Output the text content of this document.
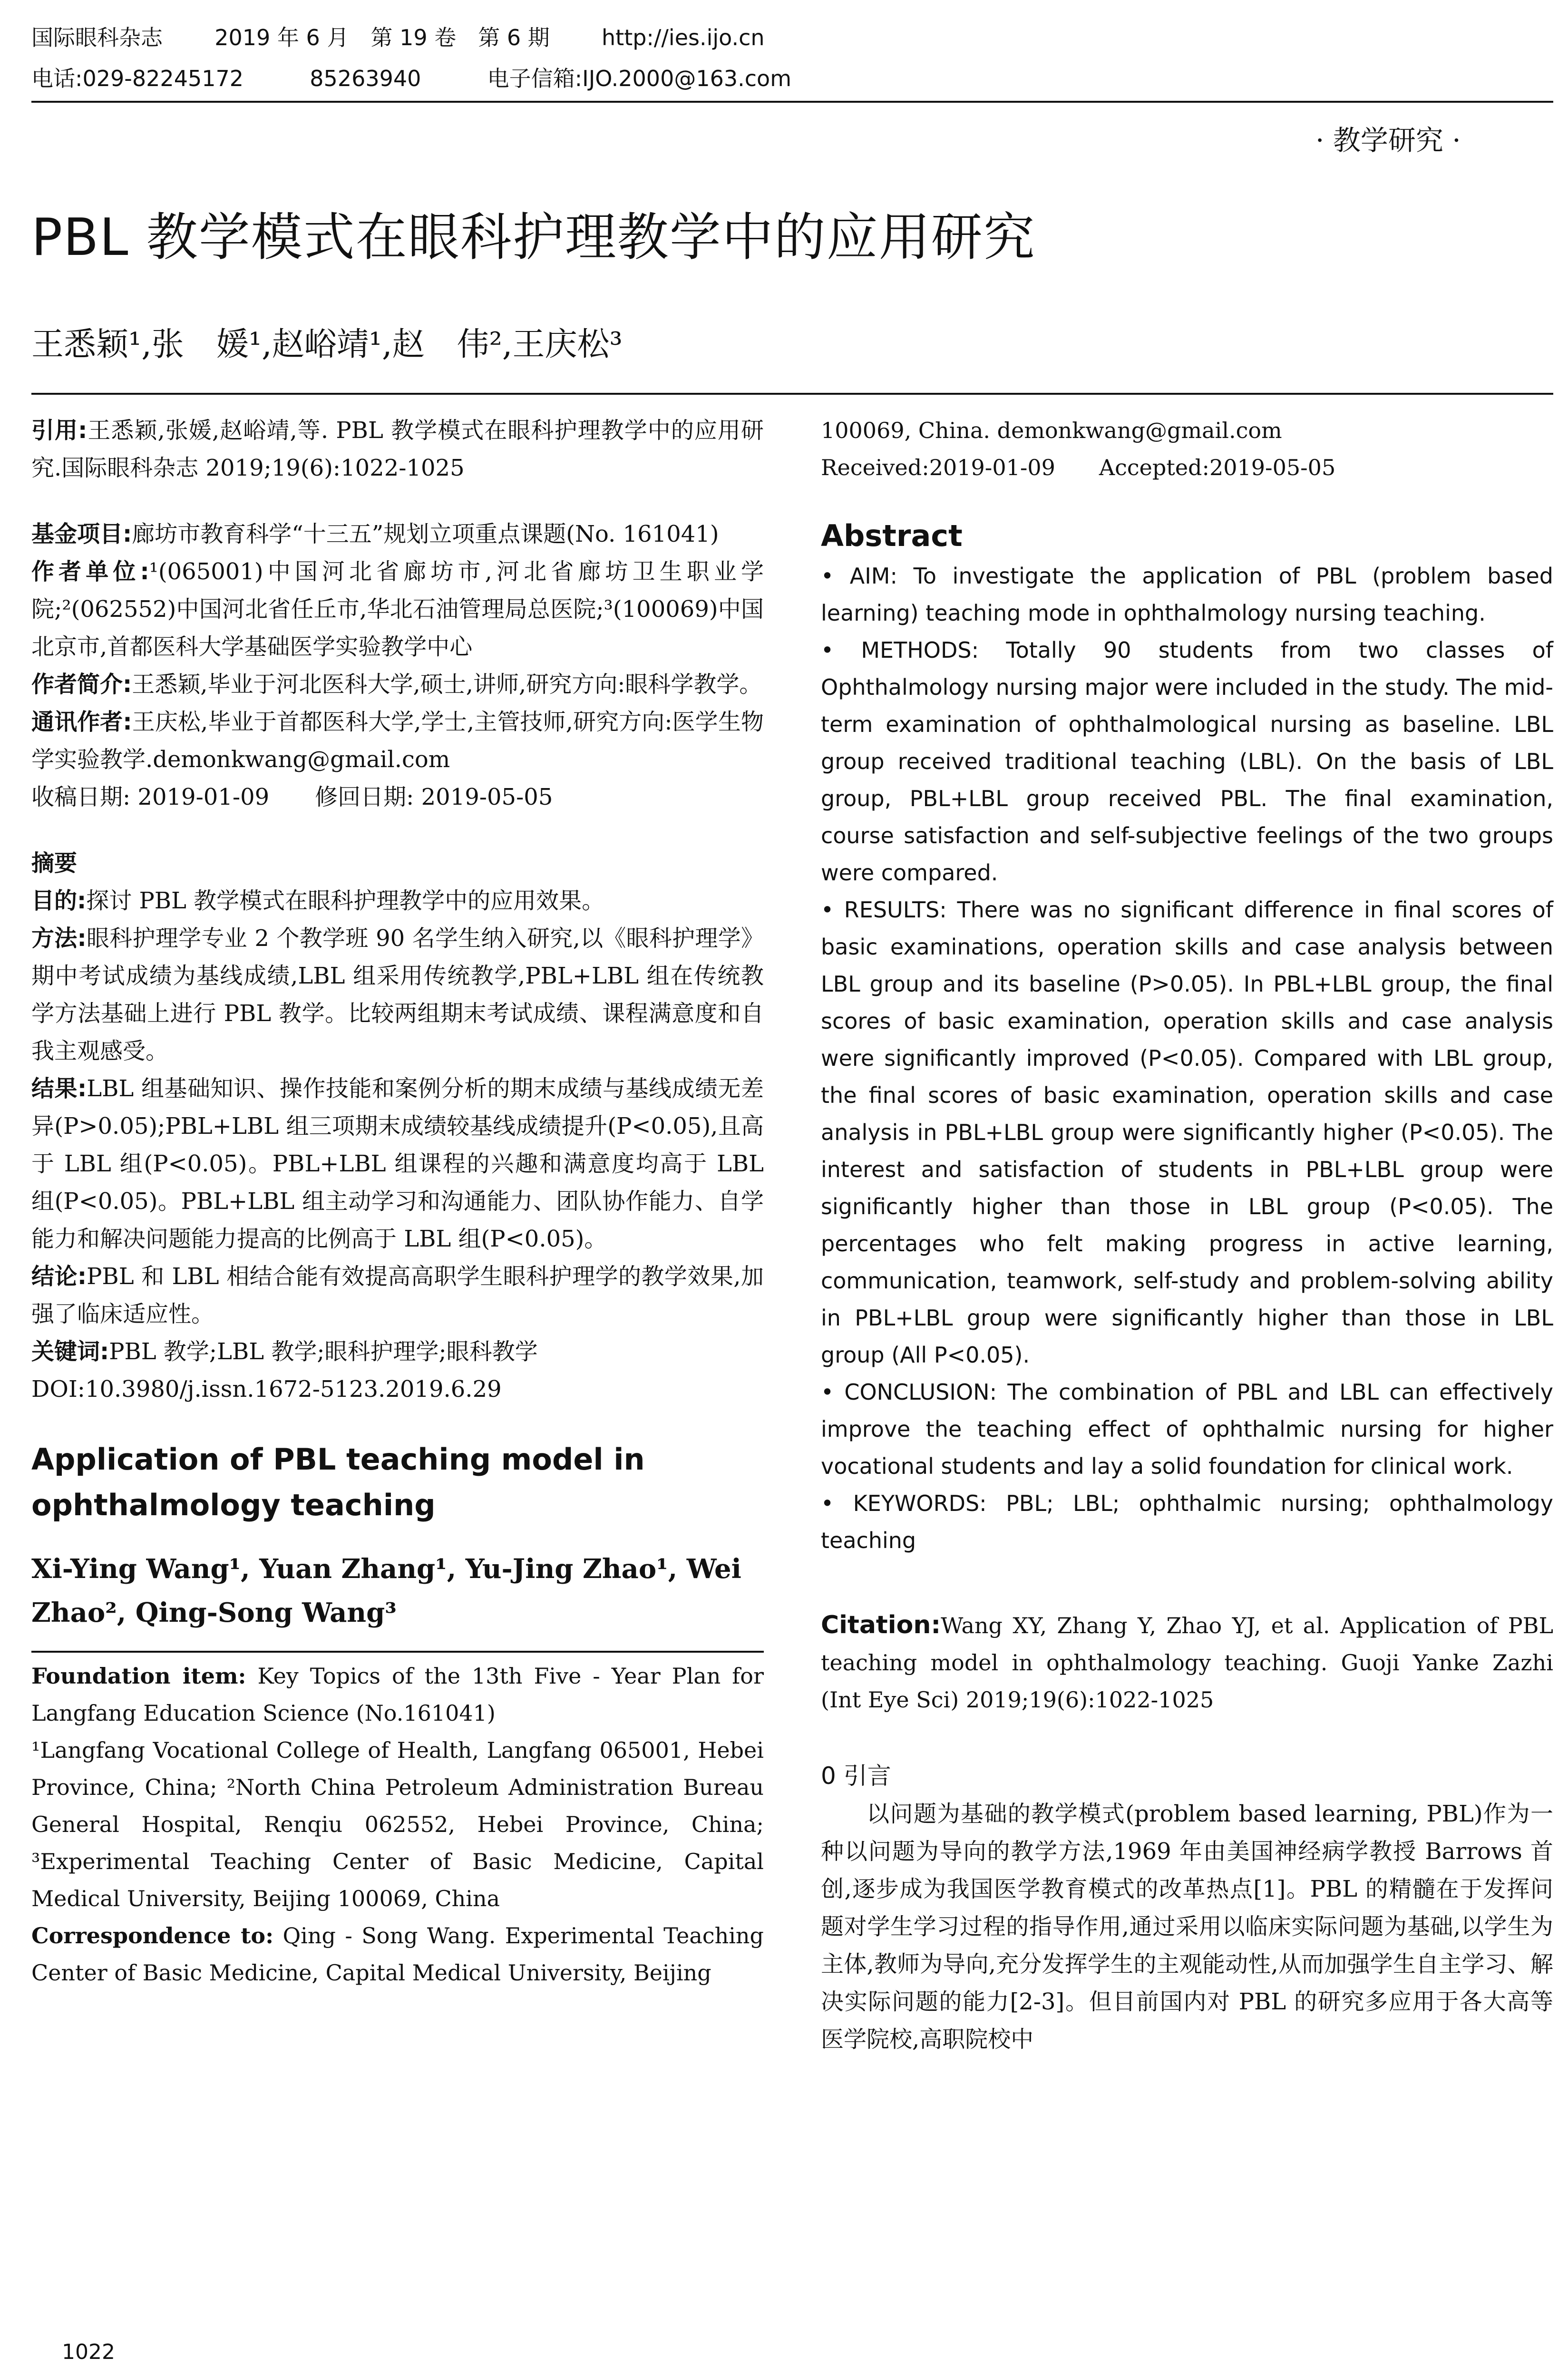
国际眼科杂志 2019 年 6 月　第 19 卷　第 6 期 http://ies.ijo.cn
电话:029-82245172	85263940	电子信箱:IJO.2000@163.com
· 教学研究 ·
PBL 教学模式在眼科护理教学中的应用研究
王悉颖¹,张　媛¹,赵峪靖¹,赵　伟²,王庆松³

引用:王悉颖,张媛,赵峪靖,等. PBL 教学模式在眼科护理教学中的应用研究.国际眼科杂志 2019;19(6):1022-1025

基金项目:廊坊市教育科学“十三五”规划立项重点课题(No. 161041)

作者单位:¹(065001)中国河北省廊坊市,河北省廊坊卫生职业学院;²(062552)中国河北省任丘市,华北石油管理局总医院;³(100069)中国北京市,首都医科大学基础医学实验教学中心

作者简介:王悉颖,毕业于河北医科大学,硕士,讲师,研究方向:眼科学教学。

通讯作者:王庆松,毕业于首都医科大学,学士,主管技师,研究方向:医学生物学实验教学.demonkwang@gmail.com

收稿日期: 2019-01-09　　修回日期: 2019-05-05

摘要

目的:探讨 PBL 教学模式在眼科护理教学中的应用效果。

方法:眼科护理学专业 2 个教学班 90 名学生纳入研究,以《眼科护理学》期中考试成绩为基线成绩,LBL 组采用传统教学,PBL+LBL 组在传统教学方法基础上进行 PBL 教学。比较两组期末考试成绩、课程满意度和自我主观感受。

结果:LBL 组基础知识、操作技能和案例分析的期末成绩与基线成绩无差异(P>0.05);PBL+LBL 组三项期末成绩较基线成绩提升(P<0.05),且高于 LBL 组(P<0.05)。PBL+LBL 组课程的兴趣和满意度均高于 LBL 组(P<0.05)。PBL+LBL 组主动学习和沟通能力、团队协作能力、自学能力和解决问题能力提高的比例高于 LBL 组(P<0.05)。

结论:PBL 和 LBL 相结合能有效提高高职学生眼科护理学的教学效果,加强了临床适应性。

关键词:PBL 教学;LBL 教学;眼科护理学;眼科教学

DOI:10.3980/j.issn.1672-5123.2019.6.29

Application of PBL teaching model in ophthalmology teaching

Xi-Ying Wang¹, Yuan Zhang¹, Yu-Jing Zhao¹, Wei Zhao², Qing-Song Wang³

Foundation item: Key Topics of the 13th Five - Year Plan for Langfang Education Science (No.161041)

¹Langfang Vocational College of Health, Langfang 065001, Hebei Province, China; ²North China Petroleum Administration Bureau General Hospital, Renqiu 062552, Hebei Province, China; ³Experimental Teaching Center of Basic Medicine, Capital Medical University, Beijing 100069, China

Correspondence to: Qing - Song Wang. Experimental Teaching Center of Basic Medicine, Capital Medical University, Beijing

100069, China. demonkwang@gmail.com

Received:2019-01-09　　Accepted:2019-05-05

Abstract

• AIM: To investigate the application of PBL (problem based learning) teaching mode in ophthalmology nursing teaching.

• METHODS: Totally 90 students from two classes of Ophthalmology nursing major were included in the study. The mid-term examination of ophthalmological nursing as baseline. LBL group received traditional teaching (LBL). On the basis of LBL group, PBL+LBL group received PBL. The final examination, course satisfaction and self-subjective feelings of the two groups were compared.

• RESULTS: There was no significant difference in final scores of basic examinations, operation skills and case analysis between LBL group and its baseline (P>0.05). In PBL+LBL group, the final scores of basic examination, operation skills and case analysis were significantly improved (P<0.05). Compared with LBL group, the final scores of basic examination, operation skills and case analysis in PBL+LBL group were significantly higher (P<0.05). The interest and satisfaction of students in PBL+LBL group were significantly higher than those in LBL group (P<0.05). The percentages who felt making progress in active learning, communication, teamwork, self-study and problem-solving ability in PBL+LBL group were significantly higher than those in LBL group (All P<0.05).

• CONCLUSION: The combination of PBL and LBL can effectively improve the teaching effect of ophthalmic nursing for higher vocational students and lay a solid foundation for clinical work.

• KEYWORDS: PBL; LBL; ophthalmic nursing; ophthalmology teaching

Citation:Wang XY, Zhang Y, Zhao YJ, et al. Application of PBL teaching model in ophthalmology teaching. Guoji Yanke Zazhi (Int Eye Sci) 2019;19(6):1022-1025

0 引言

以问题为基础的教学模式(problem based learning, PBL)作为一种以问题为导向的教学方法,1969 年由美国神经病学教授 Barrows 首创,逐步成为我国医学教育模式的改革热点[1]。PBL 的精髓在于发挥问题对学生学习过程的指导作用,通过采用以临床实际问题为基础,以学生为主体,教师为导向,充分发挥学生的主观能动性,从而加强学生自主学习、解决实际问题的能力[2-3]。但目前国内对 PBL 的研究多应用于各大高等医学院校,高职院校中

1022
